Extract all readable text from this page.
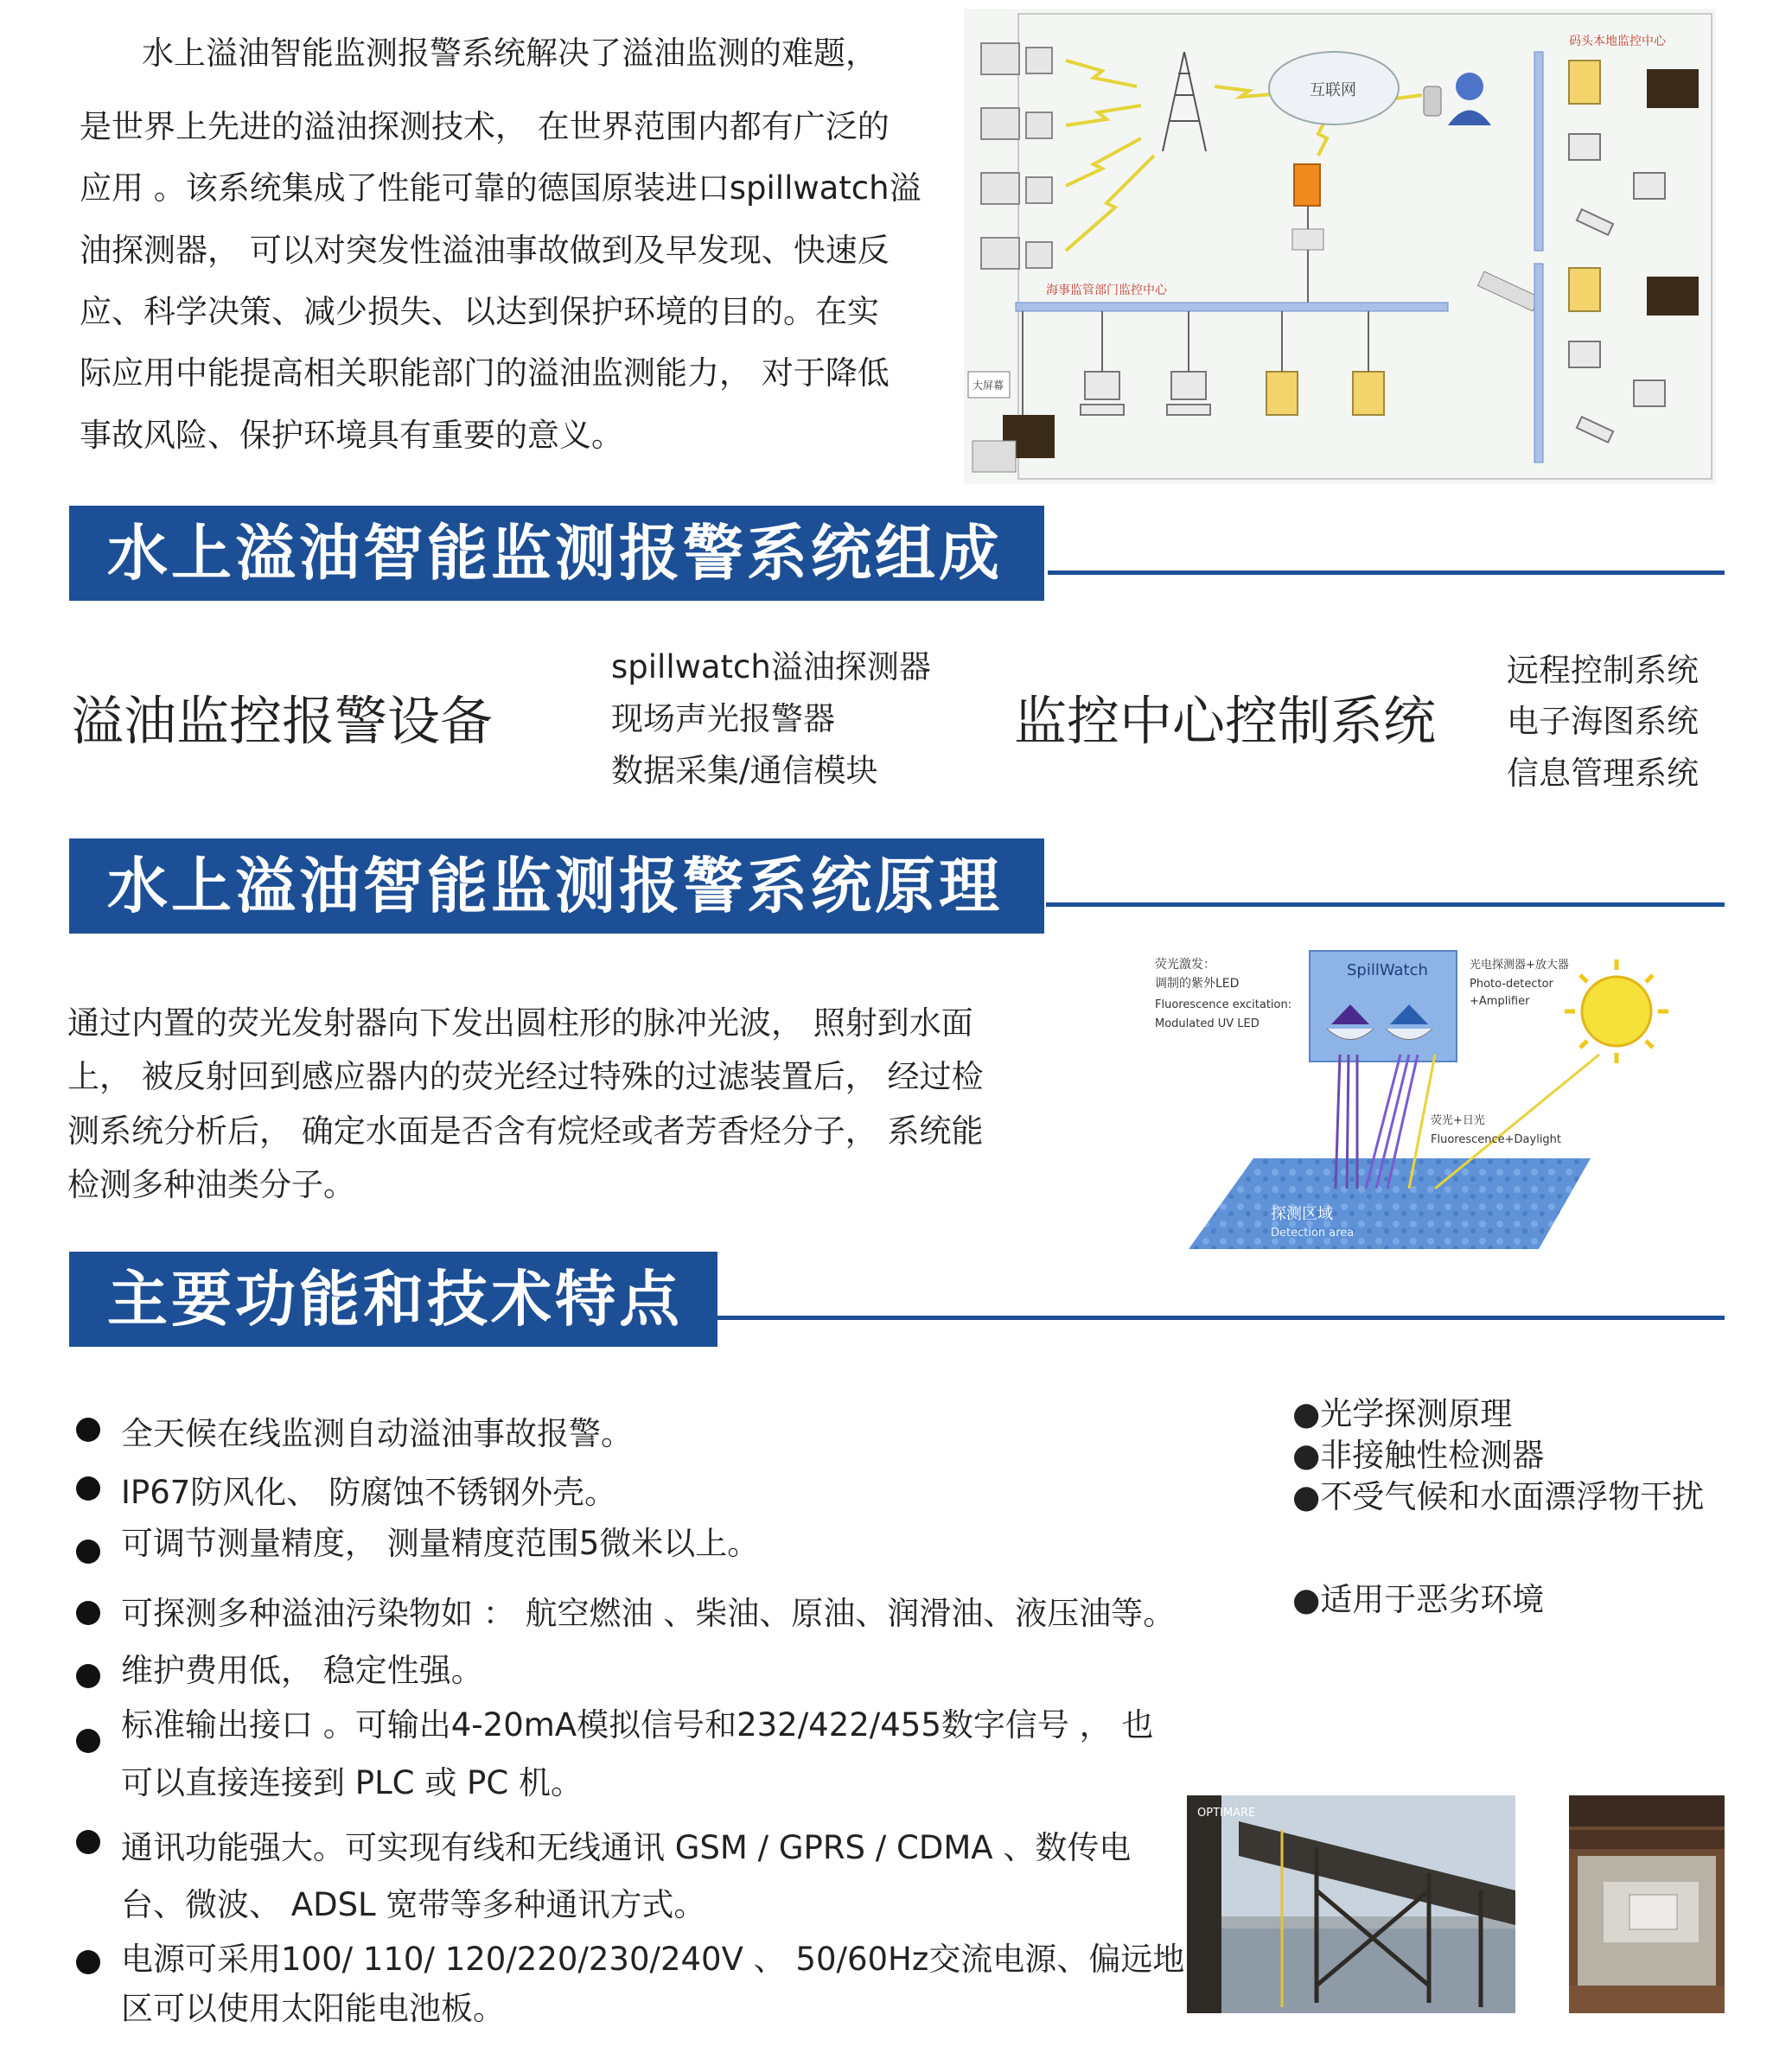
水上溢油智能监测报警系统解决了溢油监测的难题，
是世界上先进的溢油探测技术， 在世界范围内都有广泛的
应用 。该系统集成了性能可靠的德国原装进口spillwatch溢
油探测器， 可以对突发性溢油事故做到及早发现、快速反
应、科学决策、减少损失、以达到保护环境的目的。在实
际应用中能提高相关职能部门的溢油监测能力， 对于降低
事故风险、保护环境具有重要的意义。
互联网
海事监管部门监控中心
大屏幕
码头本地监控中心
水上溢油智能监测报警系统组成
溢油监控报警设备
spillwatch溢油探测器
现场声光报警器
数据采集/通信模块
监控中心控制系统
远程控制系统
电子海图系统
信息管理系统
水上溢油智能监测报警系统原理
通过内置的荧光发射器向下发出圆柱形的脉冲光波， 照射到水面
上， 被反射回到感应器内的荧光经过特殊的过滤装置后， 经过检
测系统分析后， 确定水面是否含有烷烃或者芳香烃分子， 系统能
检测多种油类分子。
SpillWatch
荧光激发：
调制的紫外LED
Fluorescence excitation:
Modulated UV LED
光电探测器+放大器
Photo-detector
+Amplifier
荧光+日光
Fluorescence+Daylight
探测区域
Detection area
主要功能和技术特点
全天候在线监测自动溢油事故报警。
IP67防风化、 防腐蚀不锈钢外壳。
可调节测量精度， 测量精度范围5微米以上。
可探测多种溢油污染物如 ： 航空燃油 、柴油、原油、润滑油、液压油等。
维护费用低， 稳定性强。
标准输出接口 。可输出4-20mA模拟信号和232/422/455数字信号 ， 也
可以直接连接到 PLC 或 PC 机。
通讯功能强大。可实现有线和无线通讯 GSM / GPRS / CDMA 、数传电
台、微波、 ADSL 宽带等多种通讯方式。
电源可采用100/ 110/ 120/220/230/240V 、 50/60Hz交流电源、偏远地
区可以使用太阳能电池板。
●光学探测原理
●非接触性检测器
●不受气候和水面漂浮物干扰
●适用于恶劣环境
OPTIMARE
